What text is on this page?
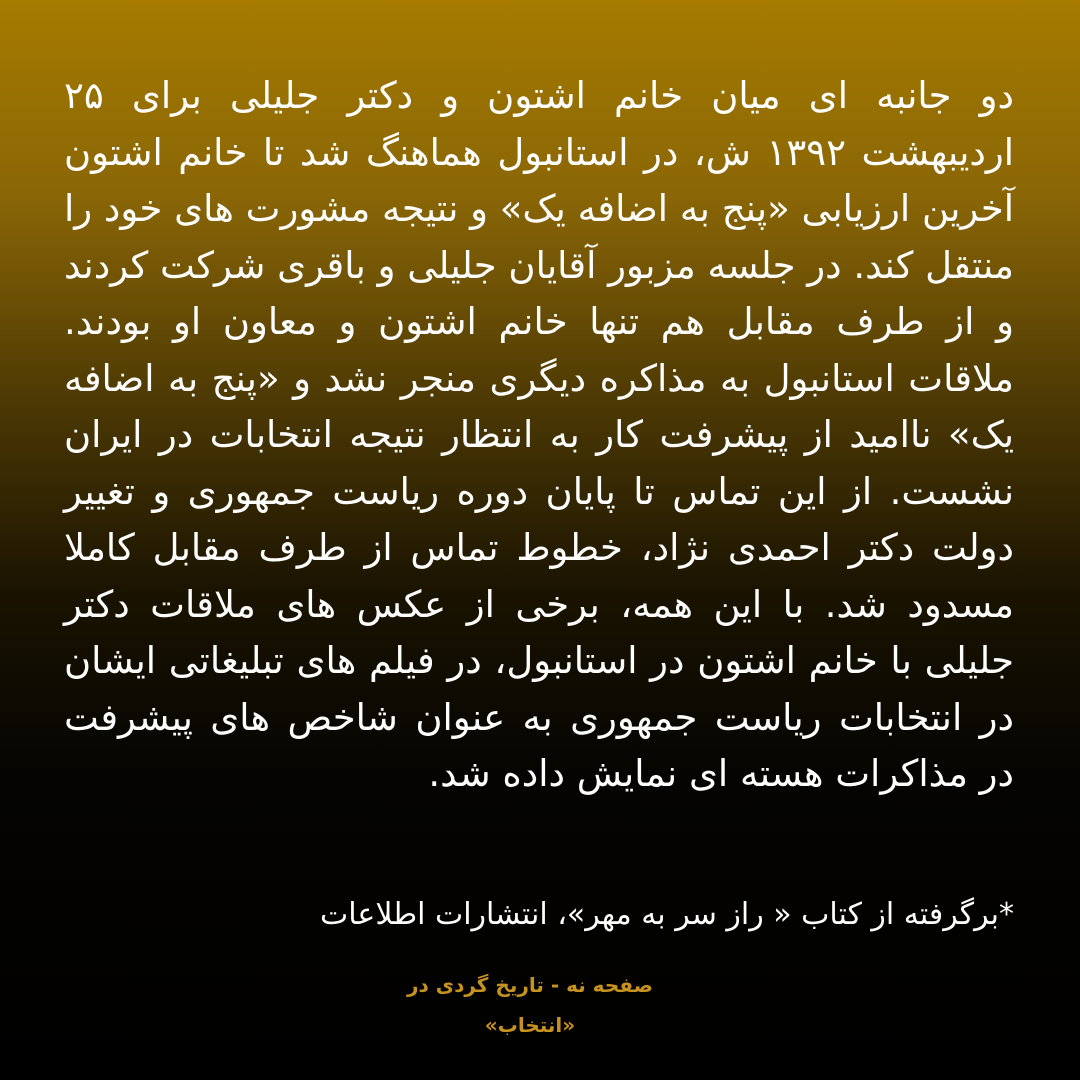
دو جانبه ای میان خانم اشتون و دکتر جلیلی برای ۲۵ اردیبهشت ۱۳۹۲ ش، در استانبول هماهنگ شد تا خانم اشتون آخرین ارزیابی «پنج به اضافه یک» و نتیجه مشورت های خود را منتقل کند. در جلسه مزبور آقایان جلیلی و باقری شرکت کردند و از طرف مقابل هم تنها خانم اشتون و معاون او بودند. ملاقات استانبول به مذاکره دیگری منجر نشد و «پنج به اضافه یک» ناامید از پیشرفت کار به انتظار نتیجه انتخابات در ایران نشست. از این تماس تا پایان دوره ریاست جمهوری و تغییر دولت دکتر احمدی نژاد، خطوط تماس از طرف مقابل کاملا مسدود شد. با این همه، برخی از عکس های ملاقات دکتر جلیلی با خانم اشتون در استانبول، در فیلم های تبلیغاتی ایشان در انتخابات ریاست جمهوری به عنوان شاخص های پیشرفت در مذاکرات هسته ای نمایش داده شد.

*برگرفته از کتاب « راز سر به مهر»، انتشارات اطلاعات

صفحه نه - تاریخ گردی در «انتخاب»
